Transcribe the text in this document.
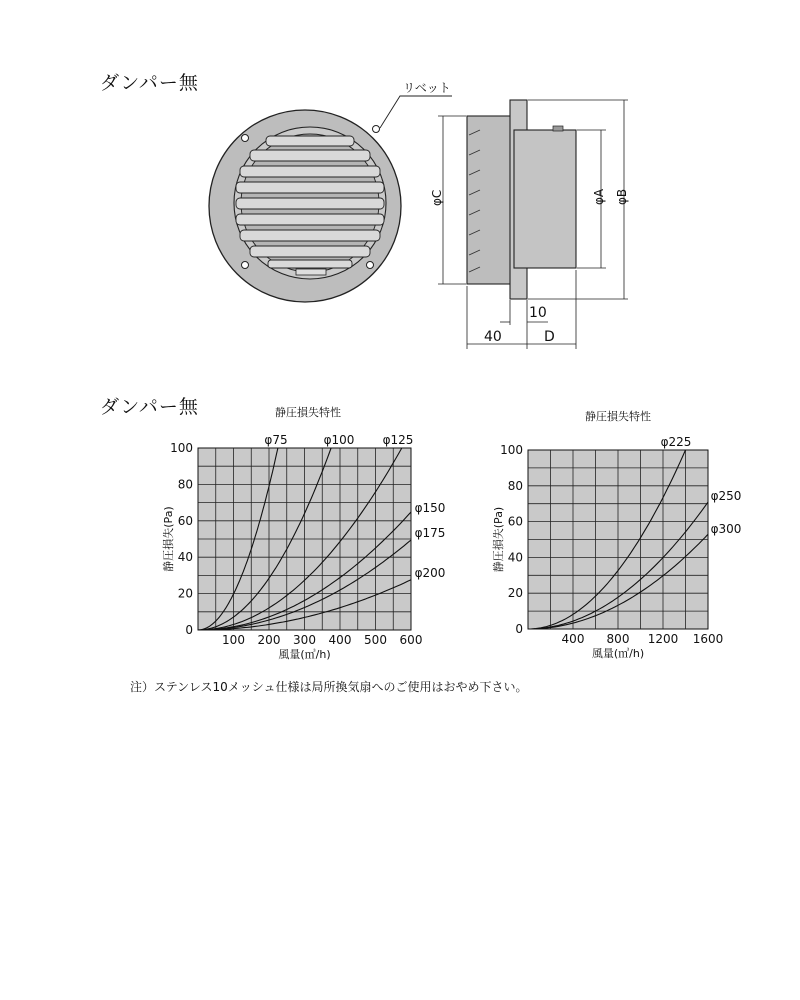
ダンパー無
ダンパー無
リベット
φC	φA φB
10
40	D
静圧損失特性
0
20
40
60
80
100
100 200 300 400 500 600
風量(㎥/h)
静圧損失(Pa)
φ75	φ100 φ125
φ150
φ175
φ200
静圧損失特性
0
20
40
60
80
100
400 800 1200 1600
風量(㎥/h)
静圧損失(Pa)
φ225
φ250
φ300
注）ステンレス10メッシュ仕様は局所換気扇へのご使用はおやめ下さい。
